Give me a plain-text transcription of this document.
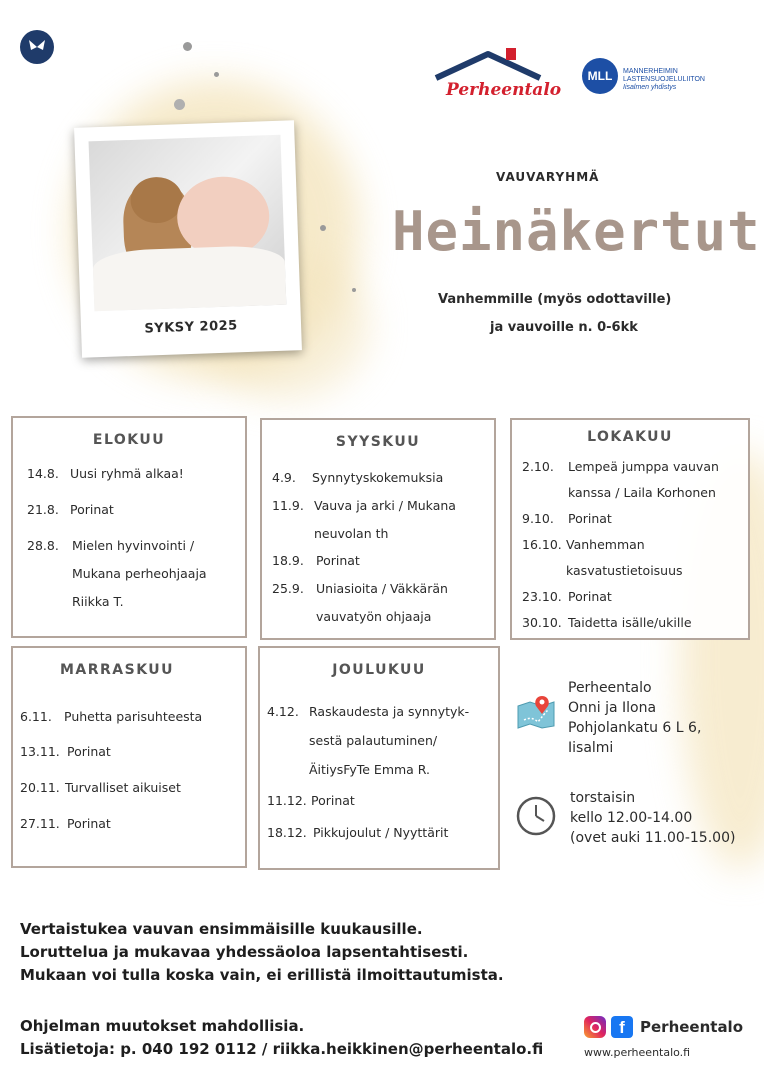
Perheentalo
MLL	MANNERHEIMIN
LASTENSUOJELULIITON
Iisalmen yhdistys
SYKSY 2025
VAUVARYHMÄ
Heinäkertut
Vanhemmille (myös odottaville)
ja vauvoille n. 0-6kk
ELOKUU
14.8. Uusi ryhmä alkaa!
21.8. Porinat
28.8. Mielen hyvinvointi /
Mukana perheohjaaja
Riikka T.
SYYSKUU
4.9. Synnytyskokemuksia
11.9. Vauva ja arki / Mukana
neuvolan th
18.9. Porinat
25.9. Uniasioita / Väkkärän
vauvatyön ohjaaja
LOKAKUU
2.10. Lempeä jumppa vauvan
kanssa / Laila Korhonen
9.10. Porinat
16.10. Vanhemman
kasvatustietoisuus
23.10. Porinat
30.10. Taidetta isälle/ukille
MARRASKUU
6.11. Puhetta parisuhteesta
13.11. Porinat
20.11. Turvalliset aikuiset
27.11. Porinat
JOULUKUU
4.12. Raskaudesta ja synnytyk-
sestä palautuminen/
ÄitiysFyTe Emma R.
11.12. Porinat
18.12. Pikkujoulut / Nyyttärit
Perheentalo
Onni ja Ilona
Pohjolankatu 6 L 6,
Iisalmi
torstaisin
kello 12.00-14.00
(ovet auki 11.00-15.00)
Vertaistukea vauvan ensimmäisille kuukausille.
Loruttelua ja mukavaa yhdessäoloa lapsentahtisesti.
Mukaan voi tulla koska vain, ei erillistä ilmoittautumista.
Ohjelman muutokset mahdollisia.
Lisätietoja: p. 040 192 0112 / riikka.heikkinen@perheentalo.fi
f	Perheentalo
www.perheentalo.fi
